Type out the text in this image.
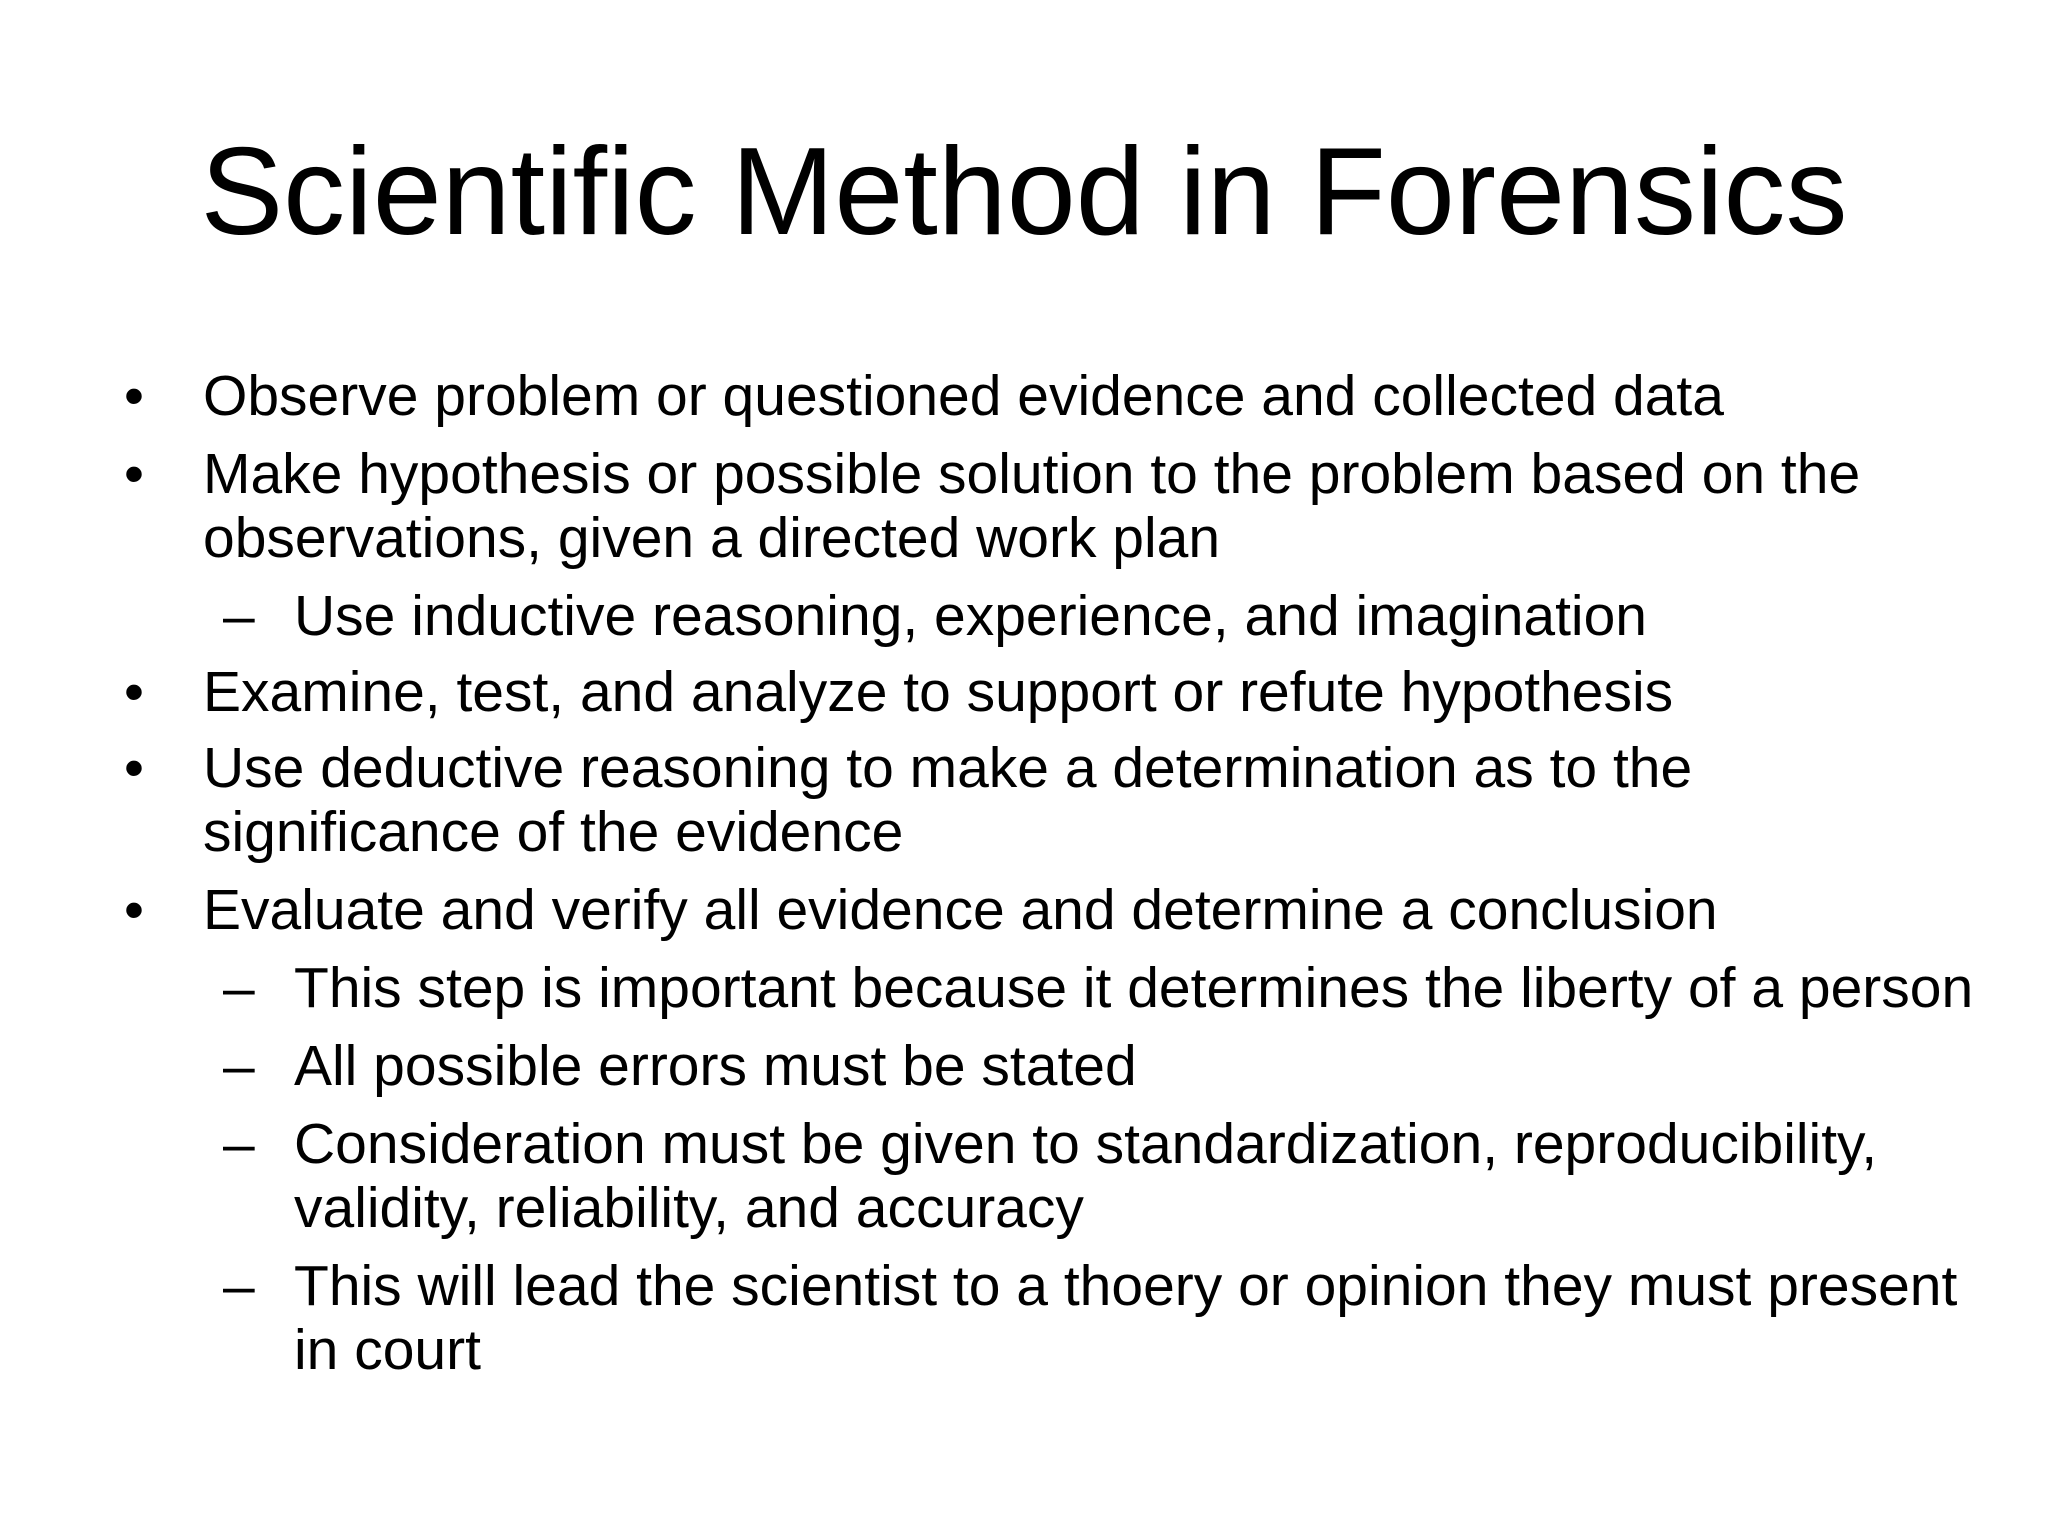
Scientific Method in Forensics
• Observe problem or questioned evidence and collected data
• Make hypothesis or possible solution to the problem based on the observations, given a directed work plan
– Use inductive reasoning, experience, and imagination
• Examine, test, and analyze to support or refute hypothesis
• Use deductive reasoning to make a determination as to the significance of the evidence
• Evaluate and verify all evidence and determine a conclusion
– This step is important because it determines the liberty of a person
– All possible errors must be stated
– Consideration must be given to standardization, reproducibility, validity, reliability, and accuracy
– This will lead the scientist to a thoery or opinion they must present in court
